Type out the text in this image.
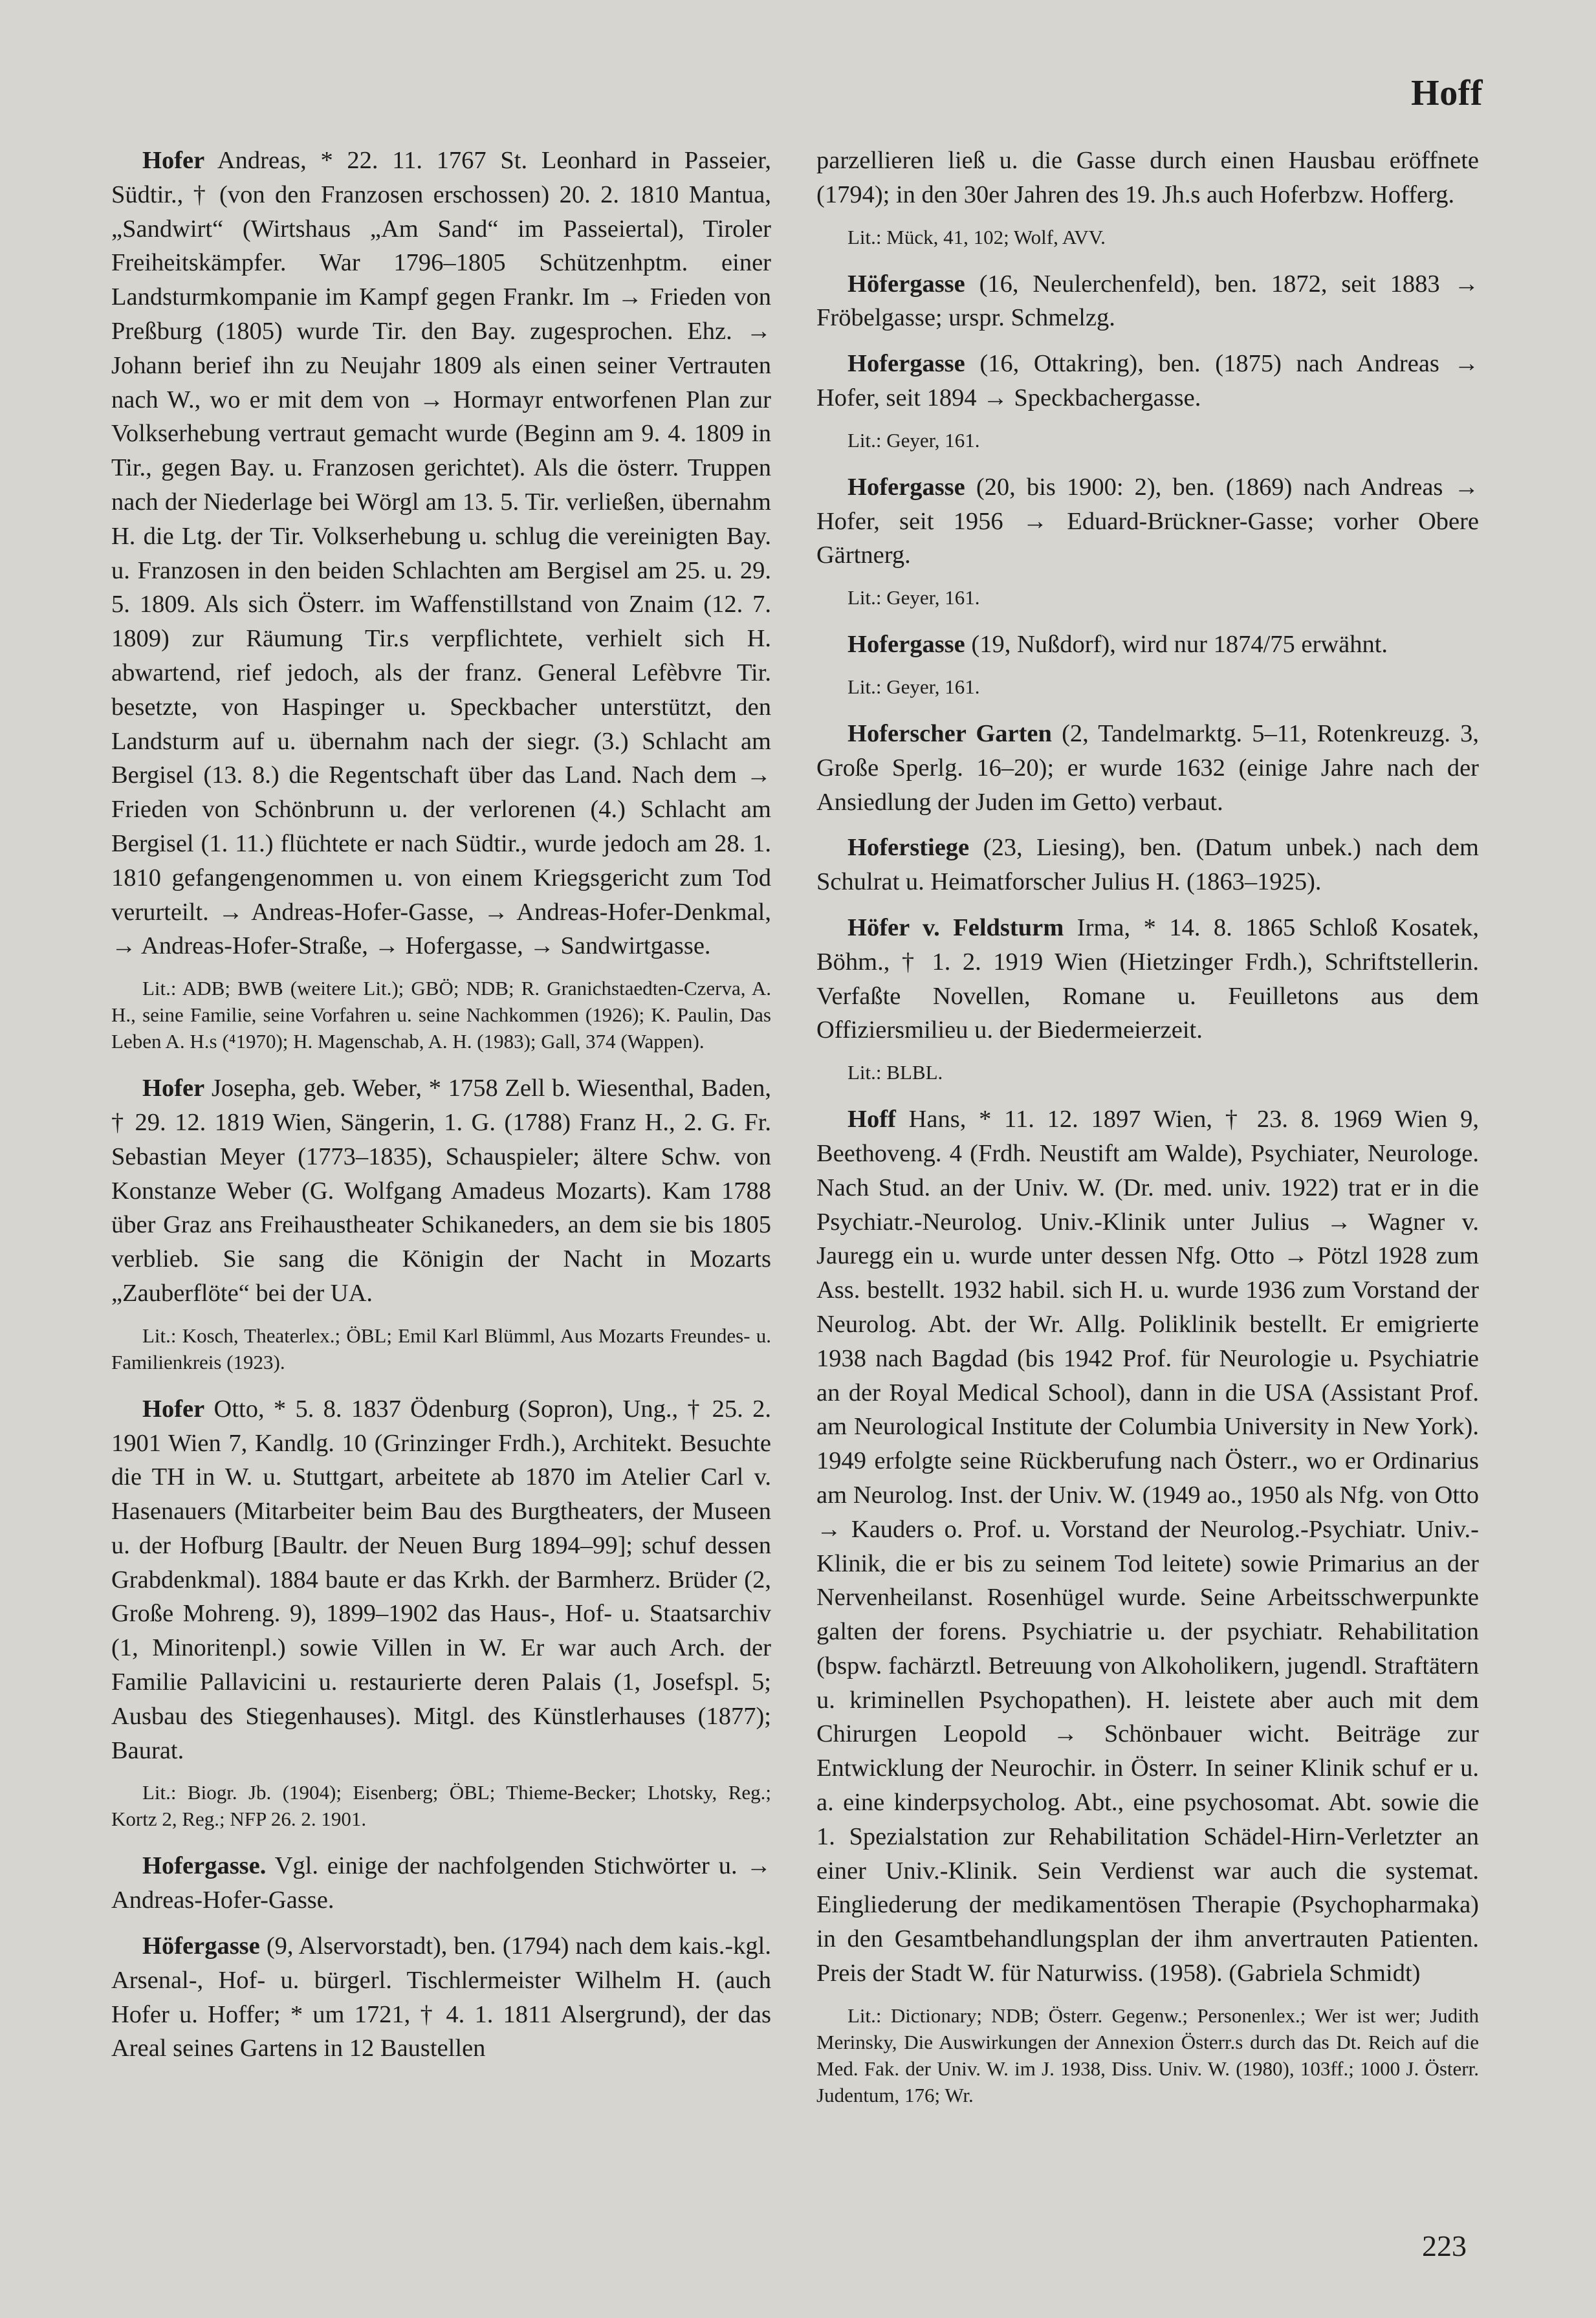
Hoff

Hofer Andreas, * 22. 11. 1767 St. Leonhard in Passeier, Südtir., † (von den Franzosen erschossen) 20. 2. 1810 Mantua, „Sandwirt“ (Wirtshaus „Am Sand“ im Passeiertal), Tiroler Freiheitskämpfer. War 1796–1805 Schützenhptm. einer Landsturmkompanie im Kampf gegen Frankr. Im → Frieden von Preßburg (1805) wurde Tir. den Bay. zugesprochen. Ehz. → Johann berief ihn zu Neujahr 1809 als einen seiner Vertrauten nach W., wo er mit dem von → Hormayr entworfenen Plan zur Volkserhebung vertraut gemacht wurde (Beginn am 9. 4. 1809 in Tir., gegen Bay. u. Franzosen gerichtet). Als die österr. Truppen nach der Niederlage bei Wörgl am 13. 5. Tir. verließen, übernahm H. die Ltg. der Tir. Volkserhebung u. schlug die vereinigten Bay. u. Franzosen in den beiden Schlachten am Bergisel am 25. u. 29. 5. 1809. Als sich Österr. im Waffenstillstand von Znaim (12. 7. 1809) zur Räumung Tir.s verpflichtete, verhielt sich H. abwartend, rief jedoch, als der franz. General Lefèbvre Tir. besetzte, von Haspinger u. Speckbacher unterstützt, den Landsturm auf u. übernahm nach der siegr. (3.) Schlacht am Bergisel (13. 8.) die Regentschaft über das Land. Nach dem → Frieden von Schönbrunn u. der verlorenen (4.) Schlacht am Bergisel (1. 11.) flüchtete er nach Südtir., wurde jedoch am 28. 1. 1810 gefangengenommen u. von einem Kriegsgericht zum Tod verurteilt. → Andreas-Hofer-Gasse, → Andreas-Hofer-Denkmal, → Andreas-Hofer-Straße, → Hofergasse, → Sandwirtgasse.

Lit.: ADB; BWB (weitere Lit.); GBÖ; NDB; R. Granichstaedten-Czerva, A. H., seine Familie, seine Vorfahren u. seine Nachkommen (1926); K. Paulin, Das Leben A. H.s (⁴1970); H. Magenschab, A. H. (1983); Gall, 374 (Wappen).

Hofer Josepha, geb. Weber, * 1758 Zell b. Wiesenthal, Baden, † 29. 12. 1819 Wien, Sängerin, 1. G. (1788) Franz H., 2. G. Fr. Sebastian Meyer (1773–1835), Schauspieler; ältere Schw. von Konstanze Weber (G. Wolfgang Amadeus Mozarts). Kam 1788 über Graz ans Freihaustheater Schikaneders, an dem sie bis 1805 verblieb. Sie sang die Königin der Nacht in Mozarts „Zauberflöte“ bei der UA.

Lit.: Kosch, Theaterlex.; ÖBL; Emil Karl Blümml, Aus Mozarts Freundes- u. Familienkreis (1923).

Hofer Otto, * 5. 8. 1837 Ödenburg (Sopron), Ung., † 25. 2. 1901 Wien 7, Kandlg. 10 (Grinzinger Frdh.), Architekt. Besuchte die TH in W. u. Stuttgart, arbeitete ab 1870 im Atelier Carl v. Hasenauers (Mitarbeiter beim Bau des Burgtheaters, der Museen u. der Hofburg [Baultr. der Neuen Burg 1894–99]; schuf dessen Grabdenkmal). 1884 baute er das Krkh. der Barmherz. Brüder (2, Große Mohreng. 9), 1899–1902 das Haus-, Hof- u. Staatsarchiv (1, Minoritenpl.) sowie Villen in W. Er war auch Arch. der Familie Pallavicini u. restaurierte deren Palais (1, Josefspl. 5; Ausbau des Stiegenhauses). Mitgl. des Künstlerhauses (1877); Baurat.

Lit.: Biogr. Jb. (1904); Eisenberg; ÖBL; Thieme-Becker; Lhotsky, Reg.; Kortz 2, Reg.; NFP 26. 2. 1901.

Hofergasse. Vgl. einige der nachfolgenden Stichwörter u. → Andreas-Hofer-Gasse.

Höfergasse (9, Alservorstadt), ben. (1794) nach dem kais.-kgl. Arsenal-, Hof- u. bürgerl. Tischlermeister Wilhelm H. (auch Hofer u. Hoffer; * um 1721, † 4. 1. 1811 Alsergrund), der das Areal seines Gartens in 12 Baustellen

parzellieren ließ u. die Gasse durch einen Hausbau eröffnete (1794); in den 30er Jahren des 19. Jh.s auch Hoferbzw. Hofferg.

Lit.: Mück, 41, 102; Wolf, AVV.

Höfergasse (16, Neulerchenfeld), ben. 1872, seit 1883 → Fröbelgasse; urspr. Schmelzg.

Hofergasse (16, Ottakring), ben. (1875) nach Andreas → Hofer, seit 1894 → Speckbachergasse.

Lit.: Geyer, 161.

Hofergasse (20, bis 1900: 2), ben. (1869) nach Andreas → Hofer, seit 1956 → Eduard-Brückner-Gasse; vorher Obere Gärtnerg.

Lit.: Geyer, 161.

Hofergasse (19, Nußdorf), wird nur 1874/75 erwähnt.

Lit.: Geyer, 161.

Hoferscher Garten (2, Tandelmarktg. 5–11, Rotenkreuzg. 3, Große Sperlg. 16–20); er wurde 1632 (einige Jahre nach der Ansiedlung der Juden im Getto) verbaut.

Hoferstiege (23, Liesing), ben. (Datum unbek.) nach dem Schulrat u. Heimatforscher Julius H. (1863–1925).

Höfer v. Feldsturm Irma, * 14. 8. 1865 Schloß Kosatek, Böhm., † 1. 2. 1919 Wien (Hietzinger Frdh.), Schriftstellerin. Verfaßte Novellen, Romane u. Feuilletons aus dem Offiziersmilieu u. der Biedermeierzeit.

Lit.: BLBL.

Hoff Hans, * 11. 12. 1897 Wien, † 23. 8. 1969 Wien 9, Beethoveng. 4 (Frdh. Neustift am Walde), Psychiater, Neurologe. Nach Stud. an der Univ. W. (Dr. med. univ. 1922) trat er in die Psychiatr.-Neurolog. Univ.-Klinik unter Julius → Wagner v. Jauregg ein u. wurde unter dessen Nfg. Otto → Pötzl 1928 zum Ass. bestellt. 1932 habil. sich H. u. wurde 1936 zum Vorstand der Neurolog. Abt. der Wr. Allg. Poliklinik bestellt. Er emigrierte 1938 nach Bagdad (bis 1942 Prof. für Neurologie u. Psychiatrie an der Royal Medical School), dann in die USA (Assistant Prof. am Neurological Institute der Columbia University in New York). 1949 erfolgte seine Rückberufung nach Österr., wo er Ordinarius am Neurolog. Inst. der Univ. W. (1949 ao., 1950 als Nfg. von Otto → Kauders o. Prof. u. Vorstand der Neurolog.-Psychiatr. Univ.-Klinik, die er bis zu seinem Tod leitete) sowie Primarius an der Nervenheilanst. Rosenhügel wurde. Seine Arbeitsschwerpunkte galten der forens. Psychiatrie u. der psychiatr. Rehabilitation (bspw. fachärztl. Betreuung von Alkoholikern, jugendl. Straftätern u. kriminellen Psychopathen). H. leistete aber auch mit dem Chirurgen Leopold → Schönbauer wicht. Beiträge zur Entwicklung der Neurochir. in Österr. In seiner Klinik schuf er u. a. eine kinderpsycholog. Abt., eine psychosomat. Abt. sowie die 1. Spezialstation zur Rehabilitation Schädel-Hirn-Verletzter an einer Univ.-Klinik. Sein Verdienst war auch die systemat. Eingliederung der medikamentösen Therapie (Psychopharmaka) in den Gesamtbehandlungsplan der ihm anvertrauten Patienten. Preis der Stadt W. für Naturwiss. (1958). (Gabriela Schmidt)

Lit.: Dictionary; NDB; Österr. Gegenw.; Personenlex.; Wer ist wer; Judith Merinsky, Die Auswirkungen der Annexion Österr.s durch das Dt. Reich auf die Med. Fak. der Univ. W. im J. 1938, Diss. Univ. W. (1980), 103ff.; 1000 J. Österr. Judentum, 176; Wr.

223
